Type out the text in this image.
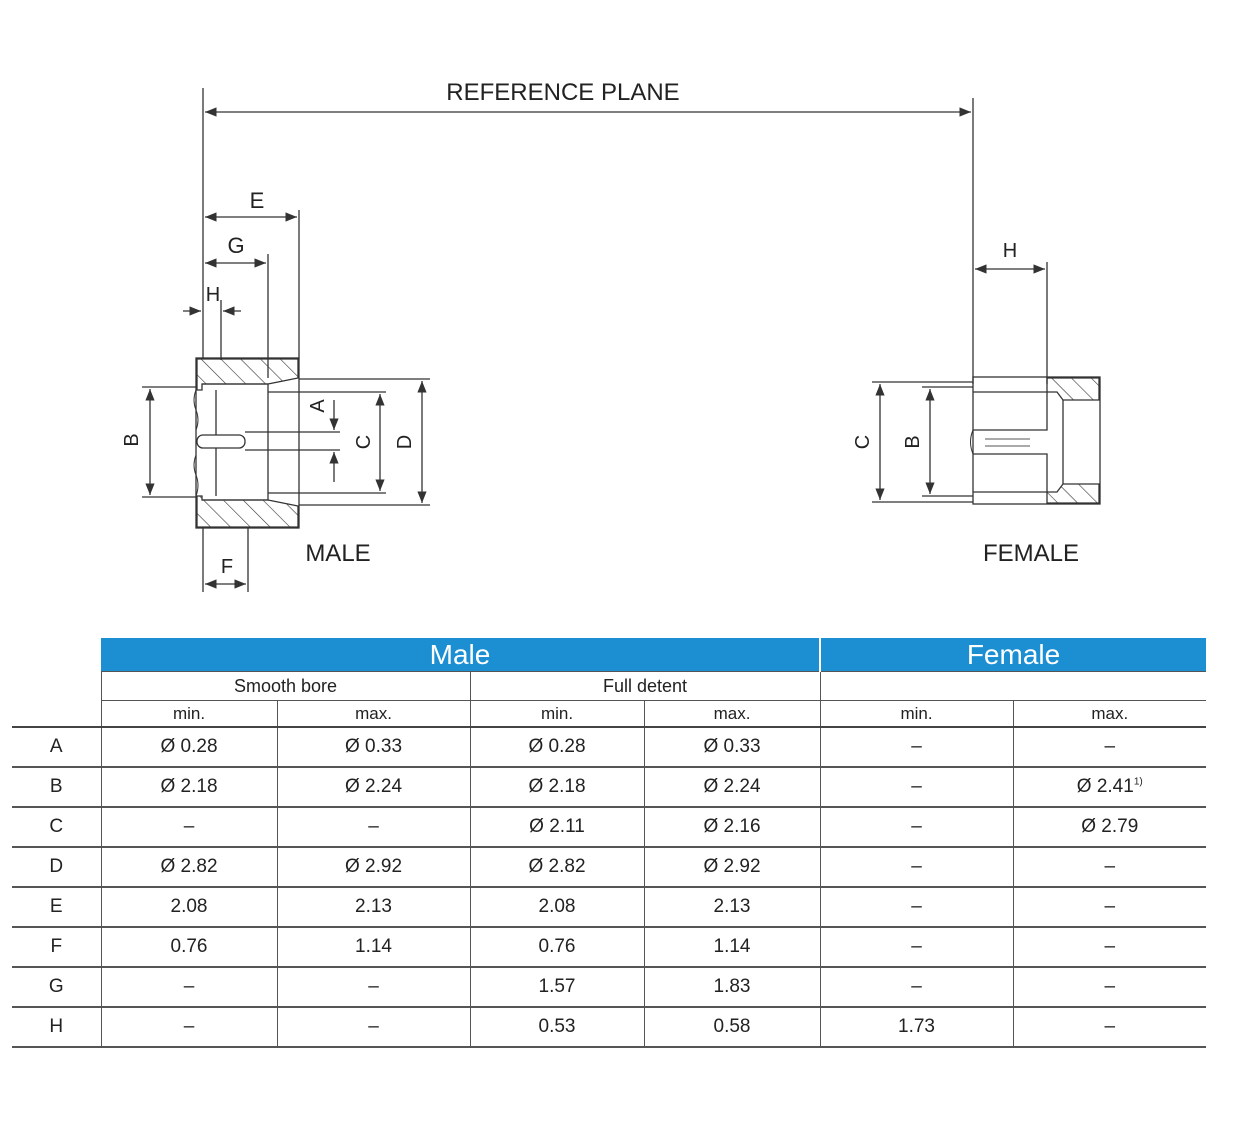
REFERENCE PLANE
E
G
H
B
A
C D
F	MALE
H
C B
FEMALE
	Male				Female	
	Smooth bore		Full detent			
	min.	max.	min.	max.	min.	max.
A	Ø 0.28	Ø 0.33	Ø 0.28	Ø 0.33	–	–
B	Ø 2.18	Ø 2.24	Ø 2.18	Ø 2.24	–	Ø 2.41$^{1)}$
C	–	–	Ø 2.11	Ø 2.16	–	Ø 2.79
D	Ø 2.82	Ø 2.92	Ø 2.82	Ø 2.92	–	–
E	2.08	2.13	2.08	2.13	–	–
F	0.76	1.14	0.76	1.14	–	–
G	–	–	1.57	1.83	–	–
H	–	–	0.53	0.58	1.73	–
